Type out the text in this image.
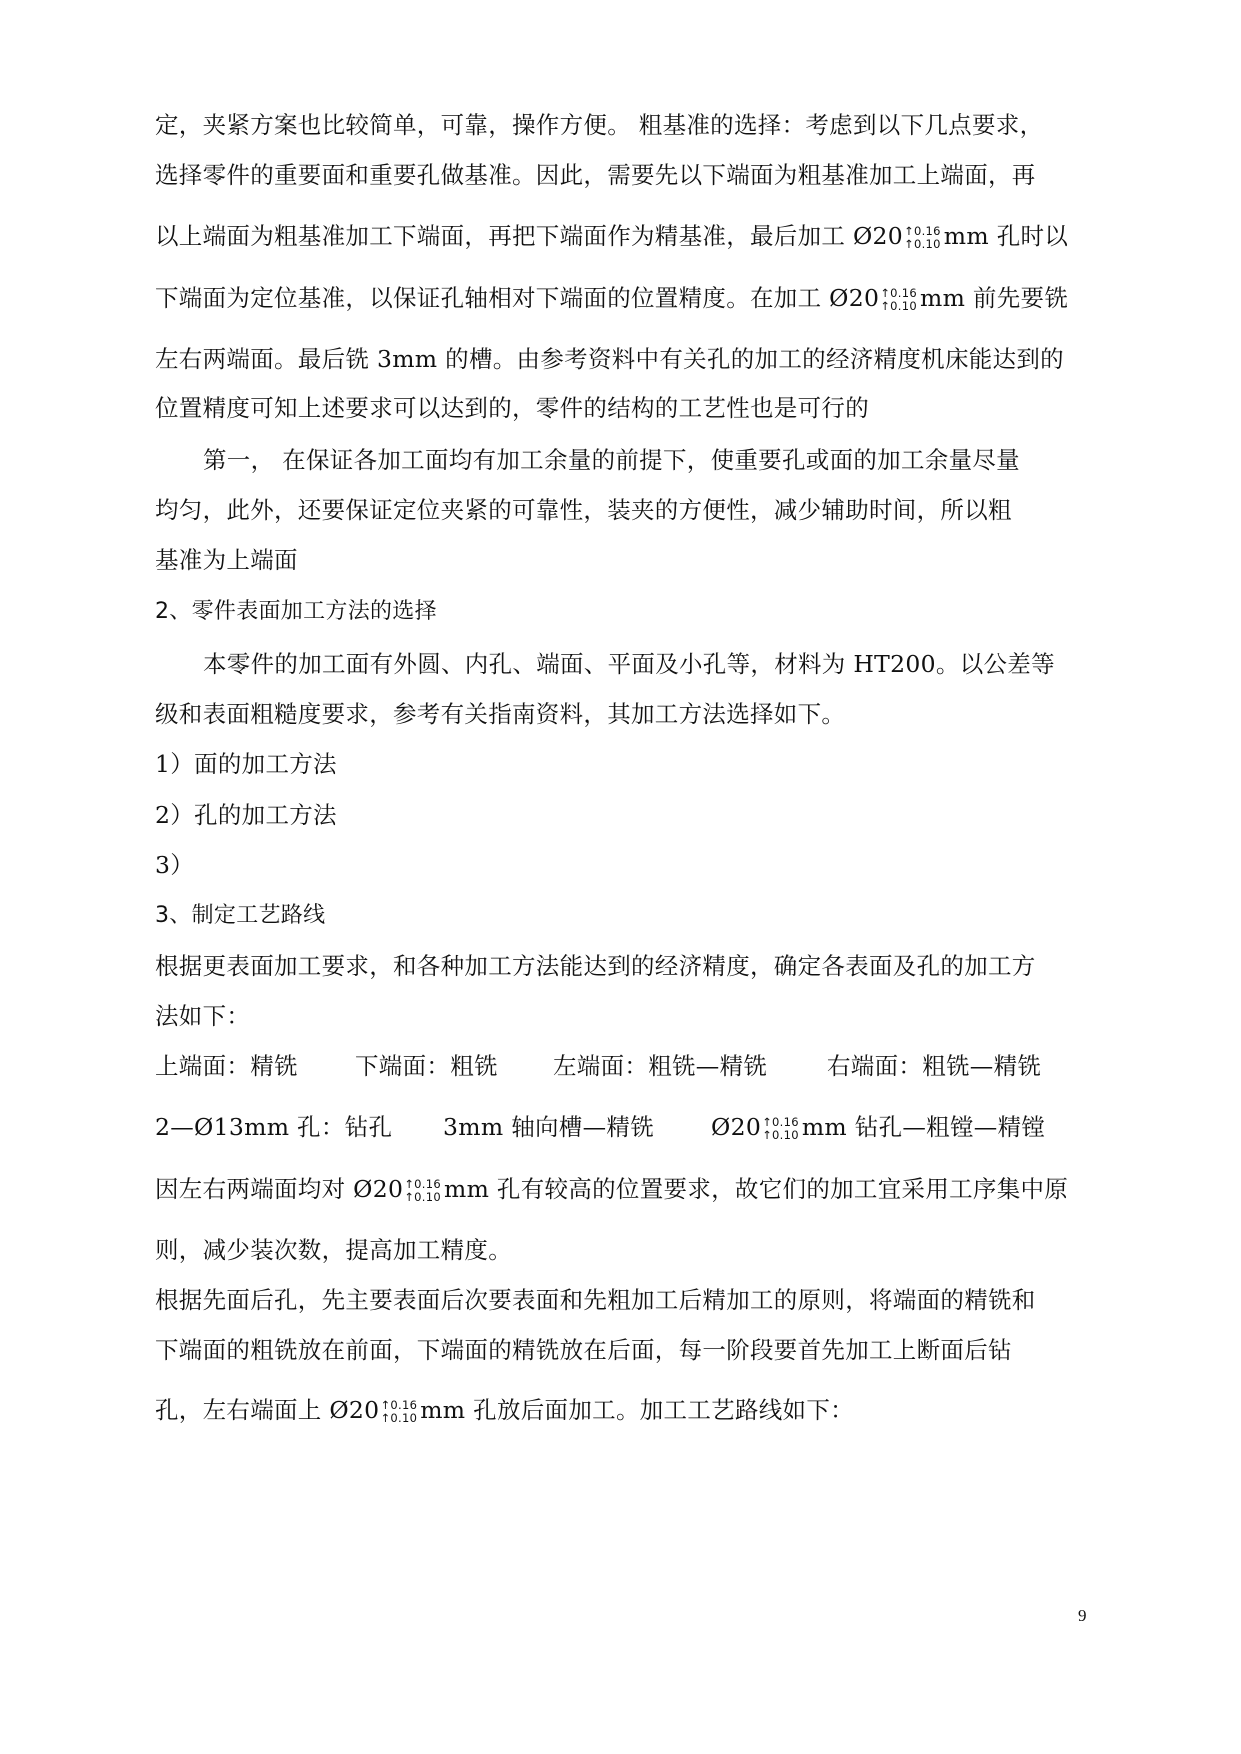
定，夹紧方案也比较简单，可靠，操作方便。 粗基准的选择：考虑到以下几点要求，
选择零件的重要面和重要孔做基准。因此，需要先以下端面为粗基准加工上端面，再
以上端面为粗基准加工下端面，再把下端面作为精基准，最后加工 Ø20 ↑0.16
↑0.10 mm 孔时以
下端面为定位基准，以保证孔轴相对下端面的位置精度。在加工 Ø20 ↑0.16
↑0.10 mm 前先要铣
左右两端面。最后铣 3mm 的槽。由参考资料中有关孔的加工的经济精度机床能达到的
位置精度可知上述要求可以达到的，零件的结构的工艺性也是可行的
第一， 在保证各加工面均有加工余量的前提下，使重要孔或面的加工余量尽量
均匀，此外，还要保证定位夹紧的可靠性，装夹的方便性，减少辅助时间，所以粗
基准为上端面
2、零件表面加工方法的选择
本零件的加工面有外圆、内孔、端面、平面及小孔等，材料为 HT200。以公差等
级和表面粗糙度要求，参考有关指南资料，其加工方法选择如下。
1）面的加工方法
2）孔的加工方法
3）
3、制定工艺路线
根据更表面加工要求，和各种加工方法能达到的经济精度，确定各表面及孔的加工方
法如下：
上端面：精铣 下端面：粗铣 左端面：粗铣—精铣	右端面：粗铣—精铣
2—Ø13mm 孔：钻孔 3mm 轴向槽—精铣 Ø20 ↑0.16
↑0.10 mm 钻孔—粗镗—精镗
因左右两端面均对 Ø20 ↑0.16
↑0.10 mm 孔有较高的位置要求，故它们的加工宜采用工序集中原
则，减少装次数，提高加工精度。
根据先面后孔，先主要表面后次要表面和先粗加工后精加工的原则，将端面的精铣和
下端面的粗铣放在前面，下端面的精铣放在后面，每一阶段要首先加工上断面后钻
孔，左右端面上 Ø20 ↑0.16
↑0.10 mm 孔放后面加工。加工工艺路线如下：
9
